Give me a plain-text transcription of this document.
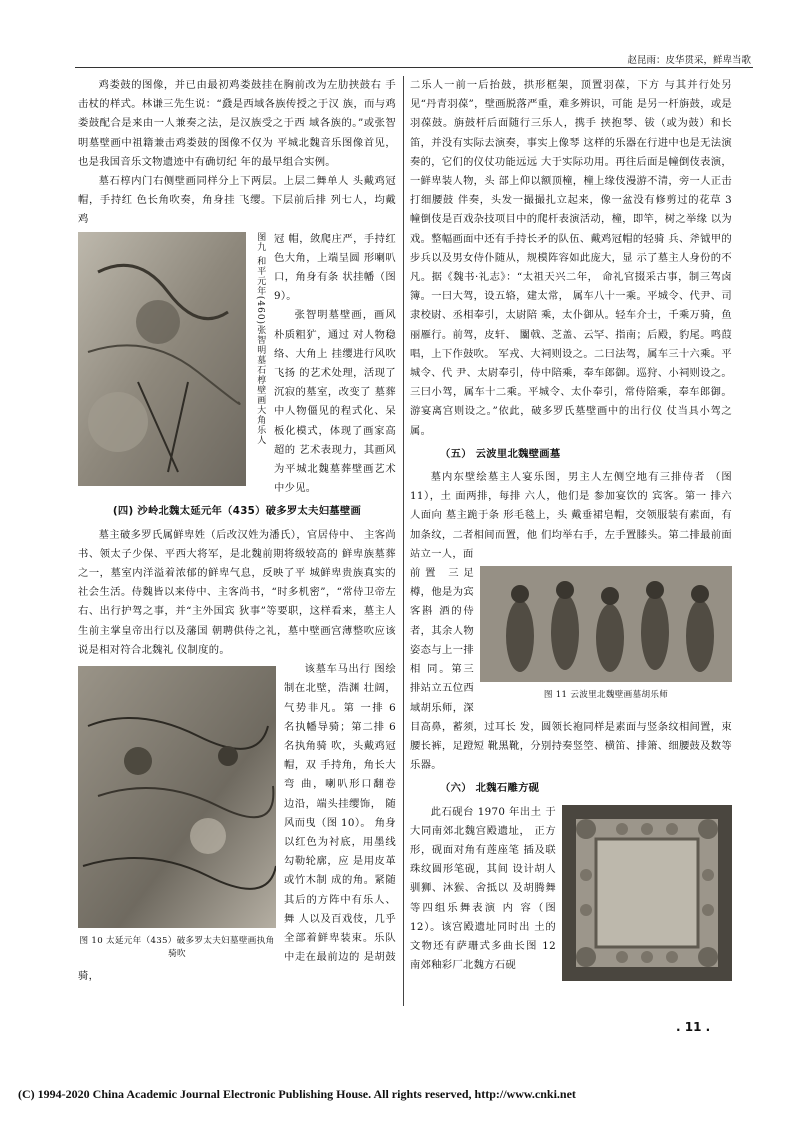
赵昆雨：皮华贯采，鲜卑当歌

鸡娄鼓的图像，并已由最初鸡娄鼓挂在胸前改为左肋挟鼓右 手击杖的样式。林谦三先生说：“鼗是西域各族传授之于汉 族，而与鸡娄鼓配合是来由一人兼奏之法，是汉族受之于西 域各族的。”或张智明墓壁画中祖籍兼击鸡娄鼓的图像不仅为 平城北魏音乐图像首见，也是我国音乐文物遗迹中有确切纪 年的最早组合实例。

墓石椁内门右侧壁画同样分上下两层。上层二舞单人 头戴鸡冠帽，手持红 色长角吹奏，角身挂 飞缨。下层前后排 列七人，均戴鸡

图九 和平元年(460)张智明墓石椁壁画大角乐人 冠 帽，敛爬庄严，手持红色大角，上端呈圆 形喇叭口，角身有条 状挂幡（图 9）。

张智明墓壁画，画风朴质粗犷，通过 对人物稳络、大角上 挂缨进行风吹飞扬 的艺术处理，活现了 沉寂的墓室，改变了 墓葬中人物僵见的程式化、呆板化模式，体现了画家高超的 艺术表现力，其画风为平城北魏墓葬壁画艺术中少见。

(四) 沙岭北魏太延元年（435）破多罗太夫妇墓壁画

墓主破多罗氏属鲜卑姓（后改汉姓为潘氏），官居侍中、 主客尚书、领太子少保、平西大将军，是北魏前期将级较高的 鲜卑族墓葬之一，墓室内洋溢着浓郁的鲜卑气息，反映了平 城鲜卑贵族真实的社会生活。侍魏皆以来侍中、主客尚书，“时多机密”，“常侍卫帝左右、出行护驾之事，并“主外国宾 狄事”等要职，这样看来，墓主人生前主掌皇帝出行以及藩国 朝聘供侍之礼，墓中壁画宫薄整吹应该说是相对符合北魏礼 仪制度的。

图 10 太延元年（435）破多罗太夫妇墓壁画执角骑吹

该墓车马出行 图绘制在北壁，浩渊 壮阔，气势非凡。第 一排 6 名执幡导骑；第二排 6 名执角骑 吹，头戴鸡冠帽，双 手持角，角长大弯 曲，喇叭形口翻卷 边沿，端头挂缨饰， 随风而曳（图 10）。 角身以红色为衬底，用墨线勾勒轮廓，应 是用皮革或竹木制 成的角。紧随其后的方阵中有乐人、舞 人以及百戏伎，几乎全部着鲜卑装束。乐队中走在最前边的 是胡鼓骑，

二乐人一前一后抬鼓，拱形框架，顶置羽葆，下方 与其并行处另见“丹青羽葆”，壁画脱落严重，难多辨识，可能 是另一杆旃鼓，或是羽葆鼓。旃鼓杆后面随行三乐人，携手 挟抱琴、钹（或为鼓）和长笛，并没有实际去演奏，事实上像琴 这样的乐器在行进中也是无法演奏的，它们的仪仗功能远远 大于实际功用。再往后面是幢倒伎表演，一鲜卑装人物，头 部上仰以额顶橦，橦上缘伎漫游不清，旁一人正击打细腰鼓 伴奏，头发一撮撮扎立起来，像一盆没有修剪过的花草 3 幢倒伎是百戏杂技项目中的爬杆表演活动，橦，即竿，树之举缘 以为戏。整幅画面中还有手持长矛的队伍、戴鸡冠帽的轻骑 兵、斧钺甲的步兵以及男女侍仆随从，规模阵容如此庞大，显 示了墓主人身份的不凡。据《魏书·礼志》：“太祖天兴二年， 命礼官掇采古事，制三驾卤簿。一曰大驾，设五辂，建太常， 属车八十一乘。平城令、代尹、司隶校尉、丞相奉引，太尉陪 乘，太仆御从。轻车介士，千乘万骑，鱼丽雁行。前驾，皮轩、 闟戟、芝盖、云罕、指南；后殿，豹尾。鸣葭唱，上下作鼓吹。 军戎、大祠则设之。二曰法驾，属车三十六乘。平城令、代 尹、太尉奉引，侍中陪乘，奉车郎御。巡狩、小祠则设之。三曰小驾，属车十二乘。平城令、太仆奉引，常侍陪乘，奉车郎御。游宴离宫则设之。”依此，破多罗氏墓壁画中的出行仪 仗当具小驾之属。

（五） 云波里北魏壁画墓

墓内东壁绘墓主人宴乐图，男主人左侧空地有三排侍者 （图 11），土 面两排，每排 六人，他们是 参加宴饮的 宾客。第一 排六人面向 墓主跪于条 形毛毯上，头 戴垂裙皂帽，交领服装有素面，有加条纹，二者相间而置，他 们均举右手，左手置膝头。第二排最前面站立一人，面

图 11 云波里北魏壁画墓胡乐师

前置 三足樽，他是为宾客斟 酒的侍者，其余人物姿态与上一排相 同。第三排站立五位西域胡乐师，深目高鼻，蓄须，过耳长 发，圆领长袍同样是素面与竖条纹相间置，束腰长裤，足蹬短 靴黑靴，分别持奏竖箜、横笛、排箫、细腰鼓及数等乐器。

（六） 北魏石雕方砚

此石砚台 1970 年出土 于大同南郊北魏宫殿遗址， 正方形，砚面对角有莲座笔 插及联珠纹圆形笔砚，其间 设计胡人驯狮、沐猴、舍抵以 及胡腾舞等四组乐舞表演 内 容（图 12）。该宫殿遗址同时出 土的文物还有萨珊式多曲长图 12 南郊釉彩厂北魏方石砚

. 11 .
(C) 1994-2020 China Academic Journal Electronic Publishing House. All rights reserved, http://www.cnki.net
